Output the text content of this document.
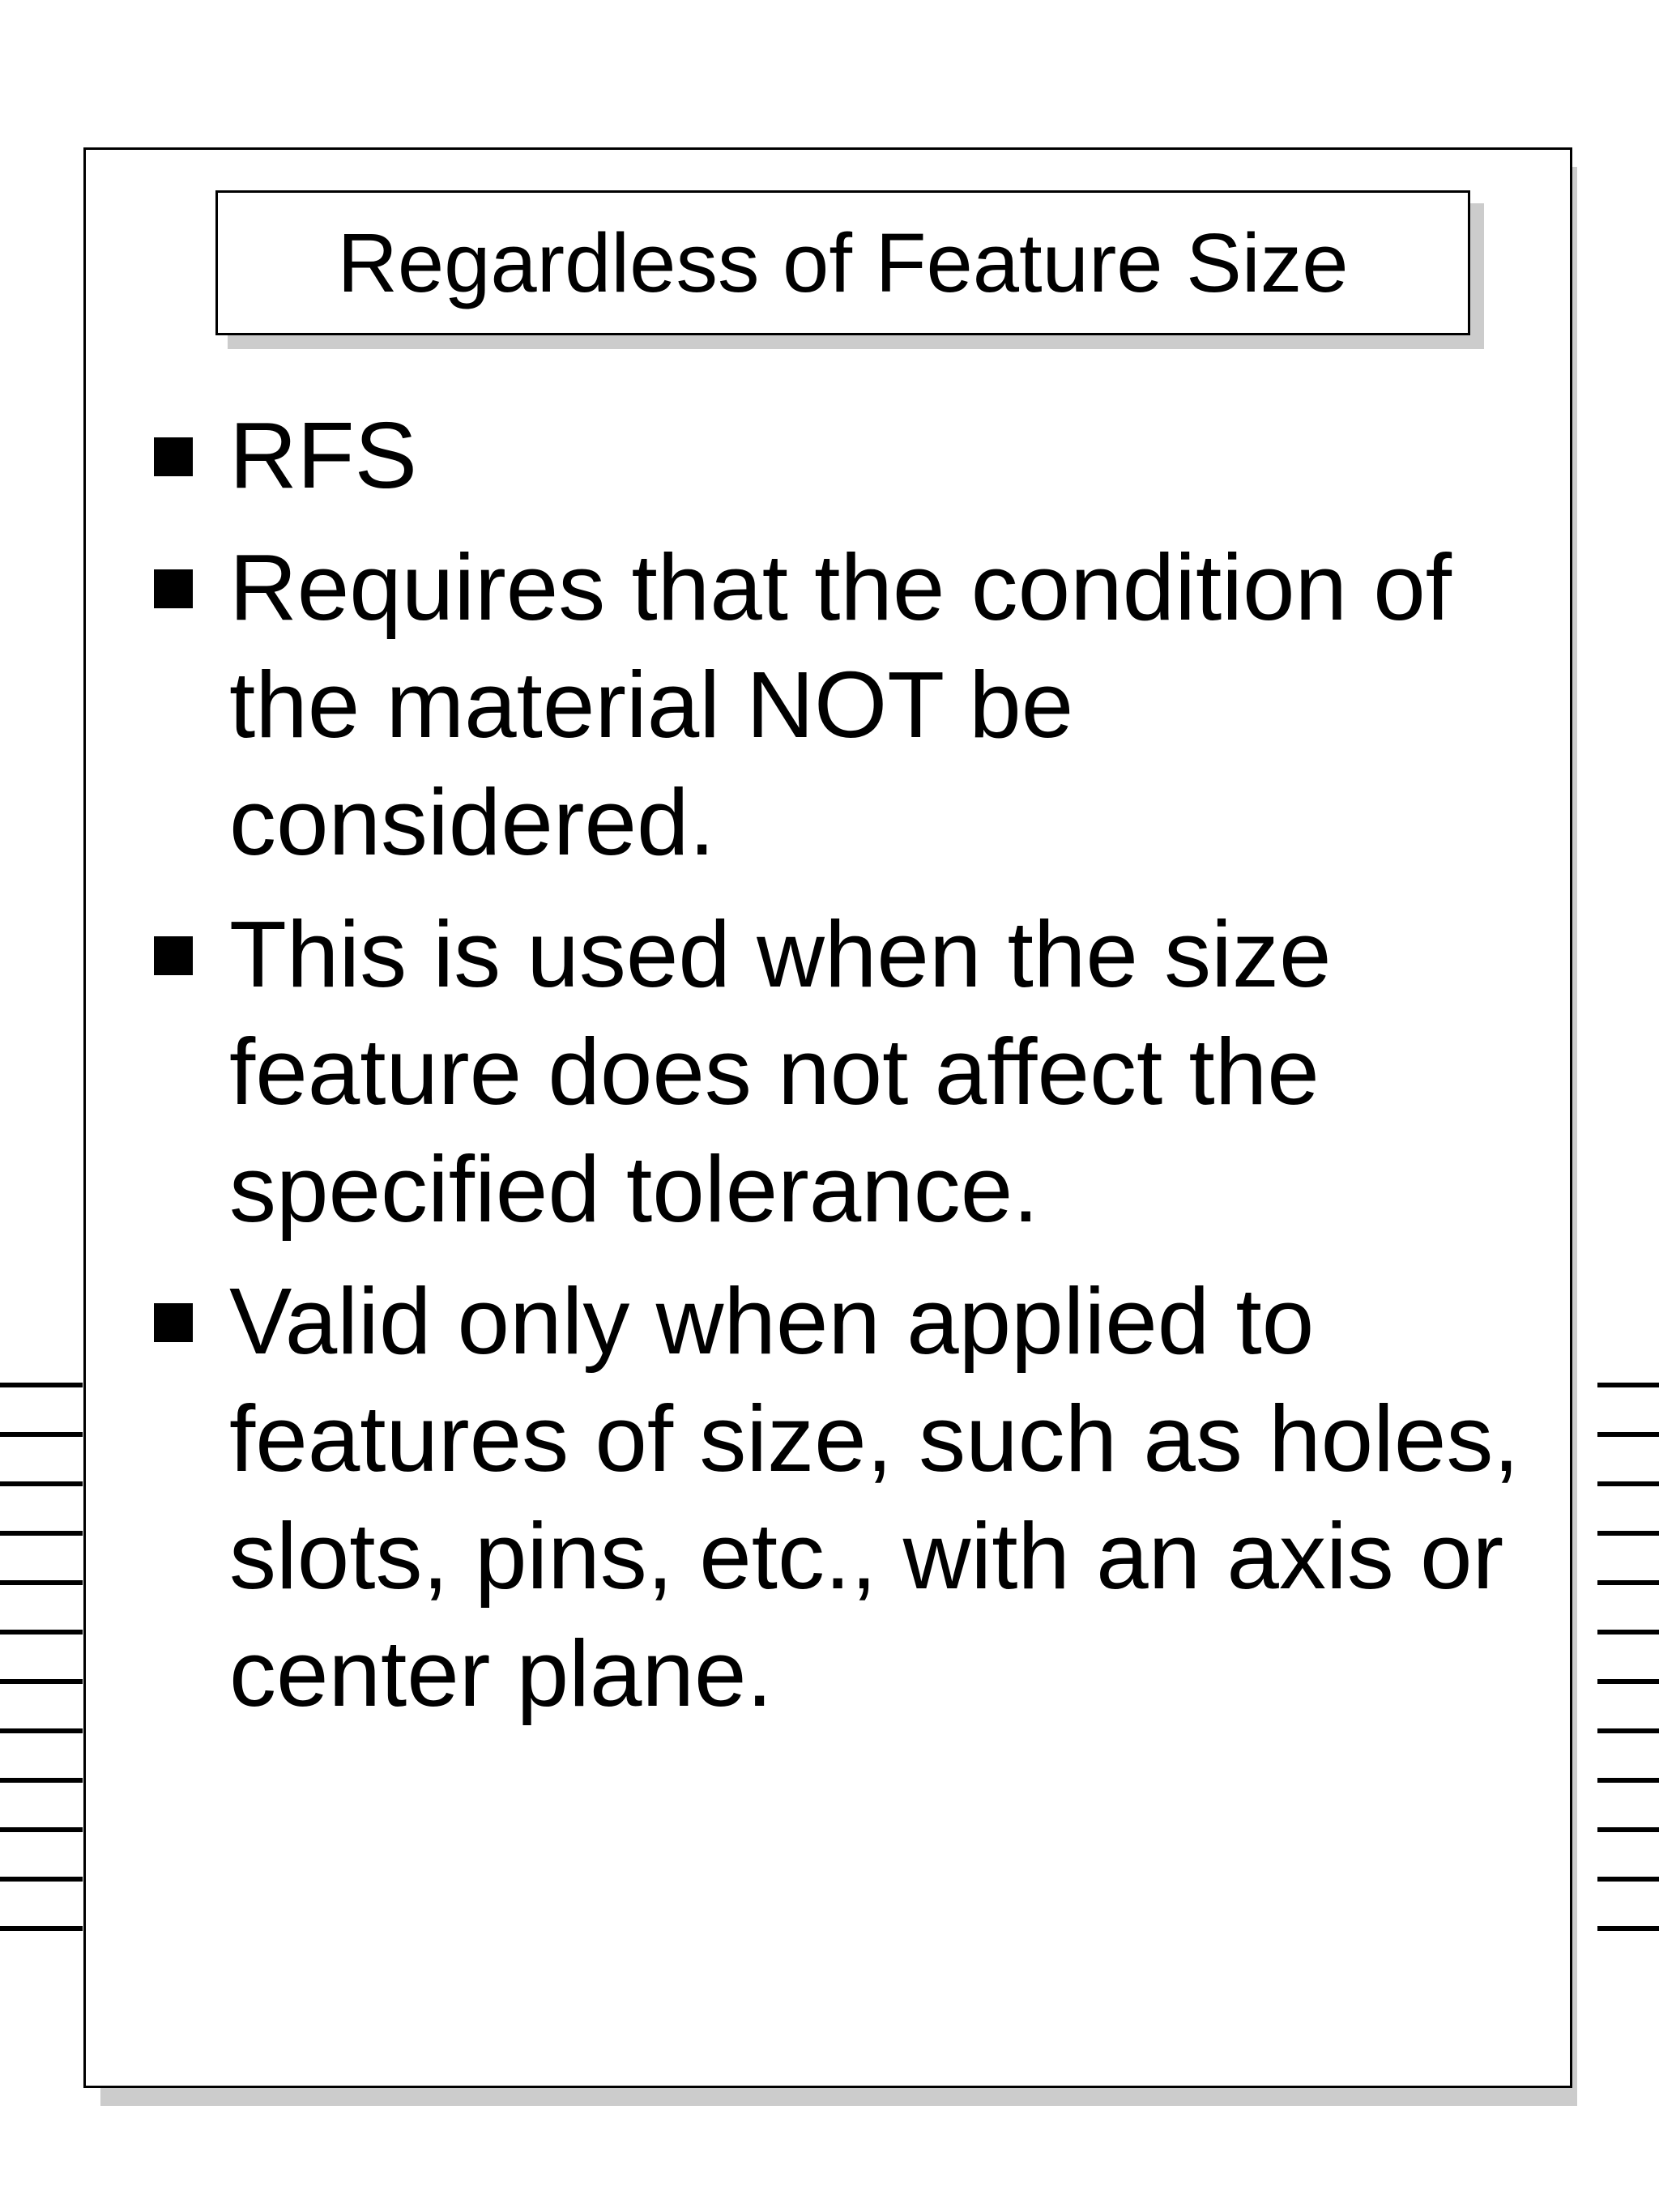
Regardless of Feature Size
RFS
Requires that the condition of the material NOT be considered.
This is used when the size feature does not affect the specified tolerance.
Valid only when applied to features of size, such as holes, slots, pins, etc., with an axis or center plane.
